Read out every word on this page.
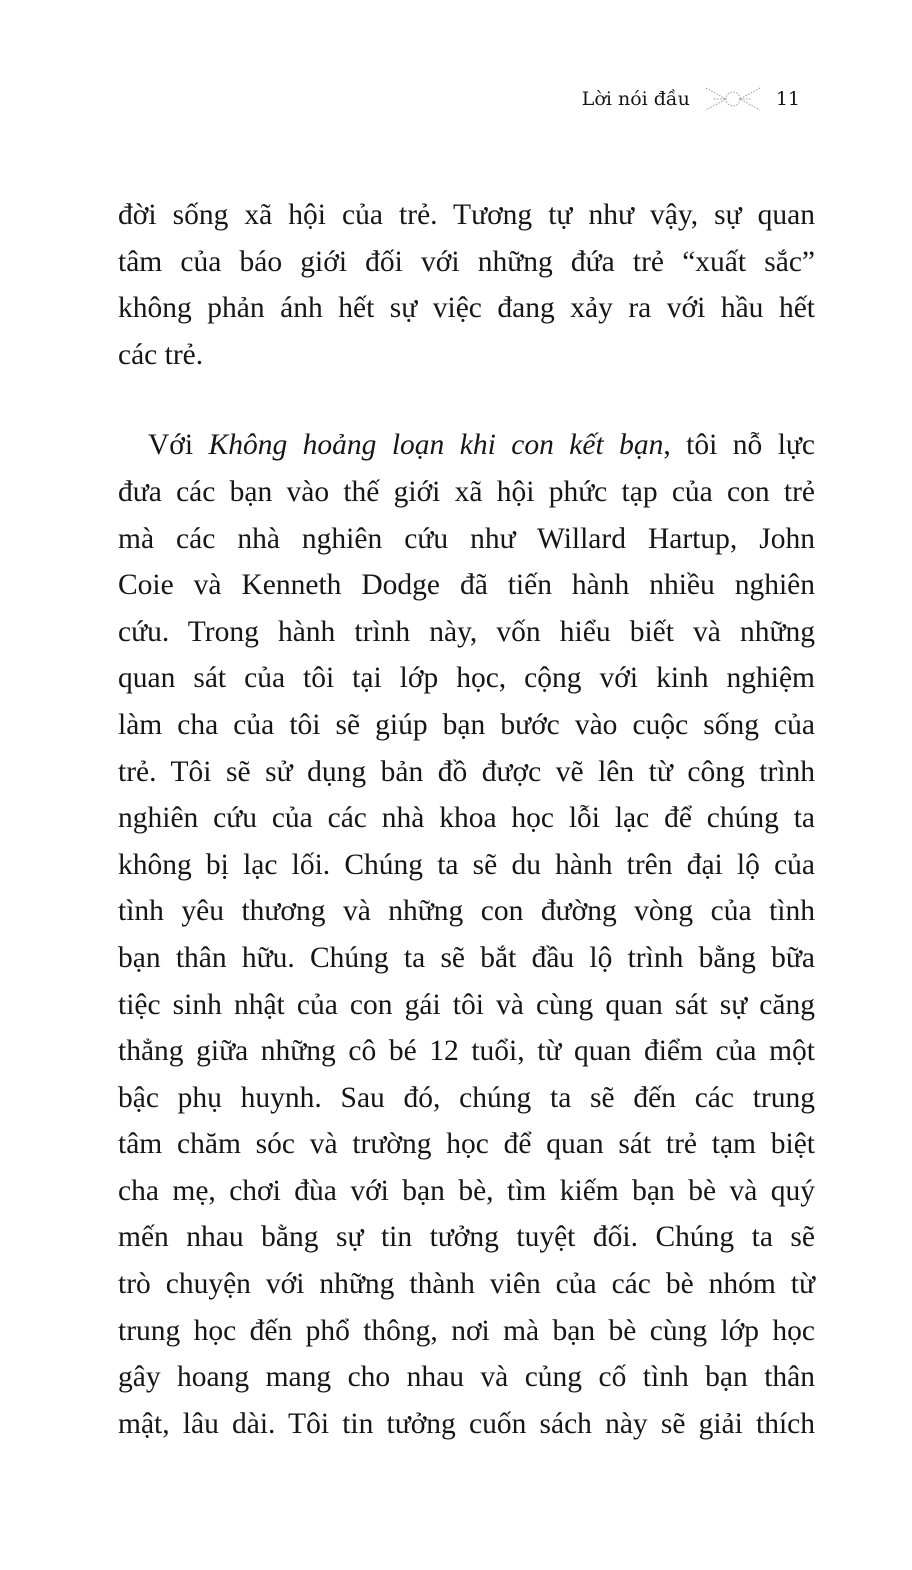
Lời nói đầu	11
đời sống xã hội của trẻ. Tương tự như vậy, sự quan
tâm của báo giới đối với những đứa trẻ “xuất sắc”
không phản ánh hết sự việc đang xảy ra với hầu hết
các trẻ.
Với Không hoảng loạn khi con kết bạn, tôi nỗ lực
đưa các bạn vào thế giới xã hội phức tạp của con trẻ
mà các nhà nghiên cứu như Willard Hartup, John
Coie và Kenneth Dodge đã tiến hành nhiều nghiên
cứu. Trong hành trình này, vốn hiểu biết và những
quan sát của tôi tại lớp học, cộng với kinh nghiệm
làm cha của tôi sẽ giúp bạn bước vào cuộc sống của
trẻ. Tôi sẽ sử dụng bản đồ được vẽ lên từ công trình
nghiên cứu của các nhà khoa học lỗi lạc để chúng ta
không bị lạc lối. Chúng ta sẽ du hành trên đại lộ của
tình yêu thương và những con đường vòng của tình
bạn thân hữu. Chúng ta sẽ bắt đầu lộ trình bằng bữa
tiệc sinh nhật của con gái tôi và cùng quan sát sự căng
thẳng giữa những cô bé 12 tuổi, từ quan điểm của một
bậc phụ huynh. Sau đó, chúng ta sẽ đến các trung
tâm chăm sóc và trường học để quan sát trẻ tạm biệt
cha mẹ, chơi đùa với bạn bè, tìm kiếm bạn bè và quý
mến nhau bằng sự tin tưởng tuyệt đối. Chúng ta sẽ
trò chuyện với những thành viên của các bè nhóm từ
trung học đến phổ thông, nơi mà bạn bè cùng lớp học
gây hoang mang cho nhau và củng cố tình bạn thân
mật, lâu dài. Tôi tin tưởng cuốn sách này sẽ giải thích
